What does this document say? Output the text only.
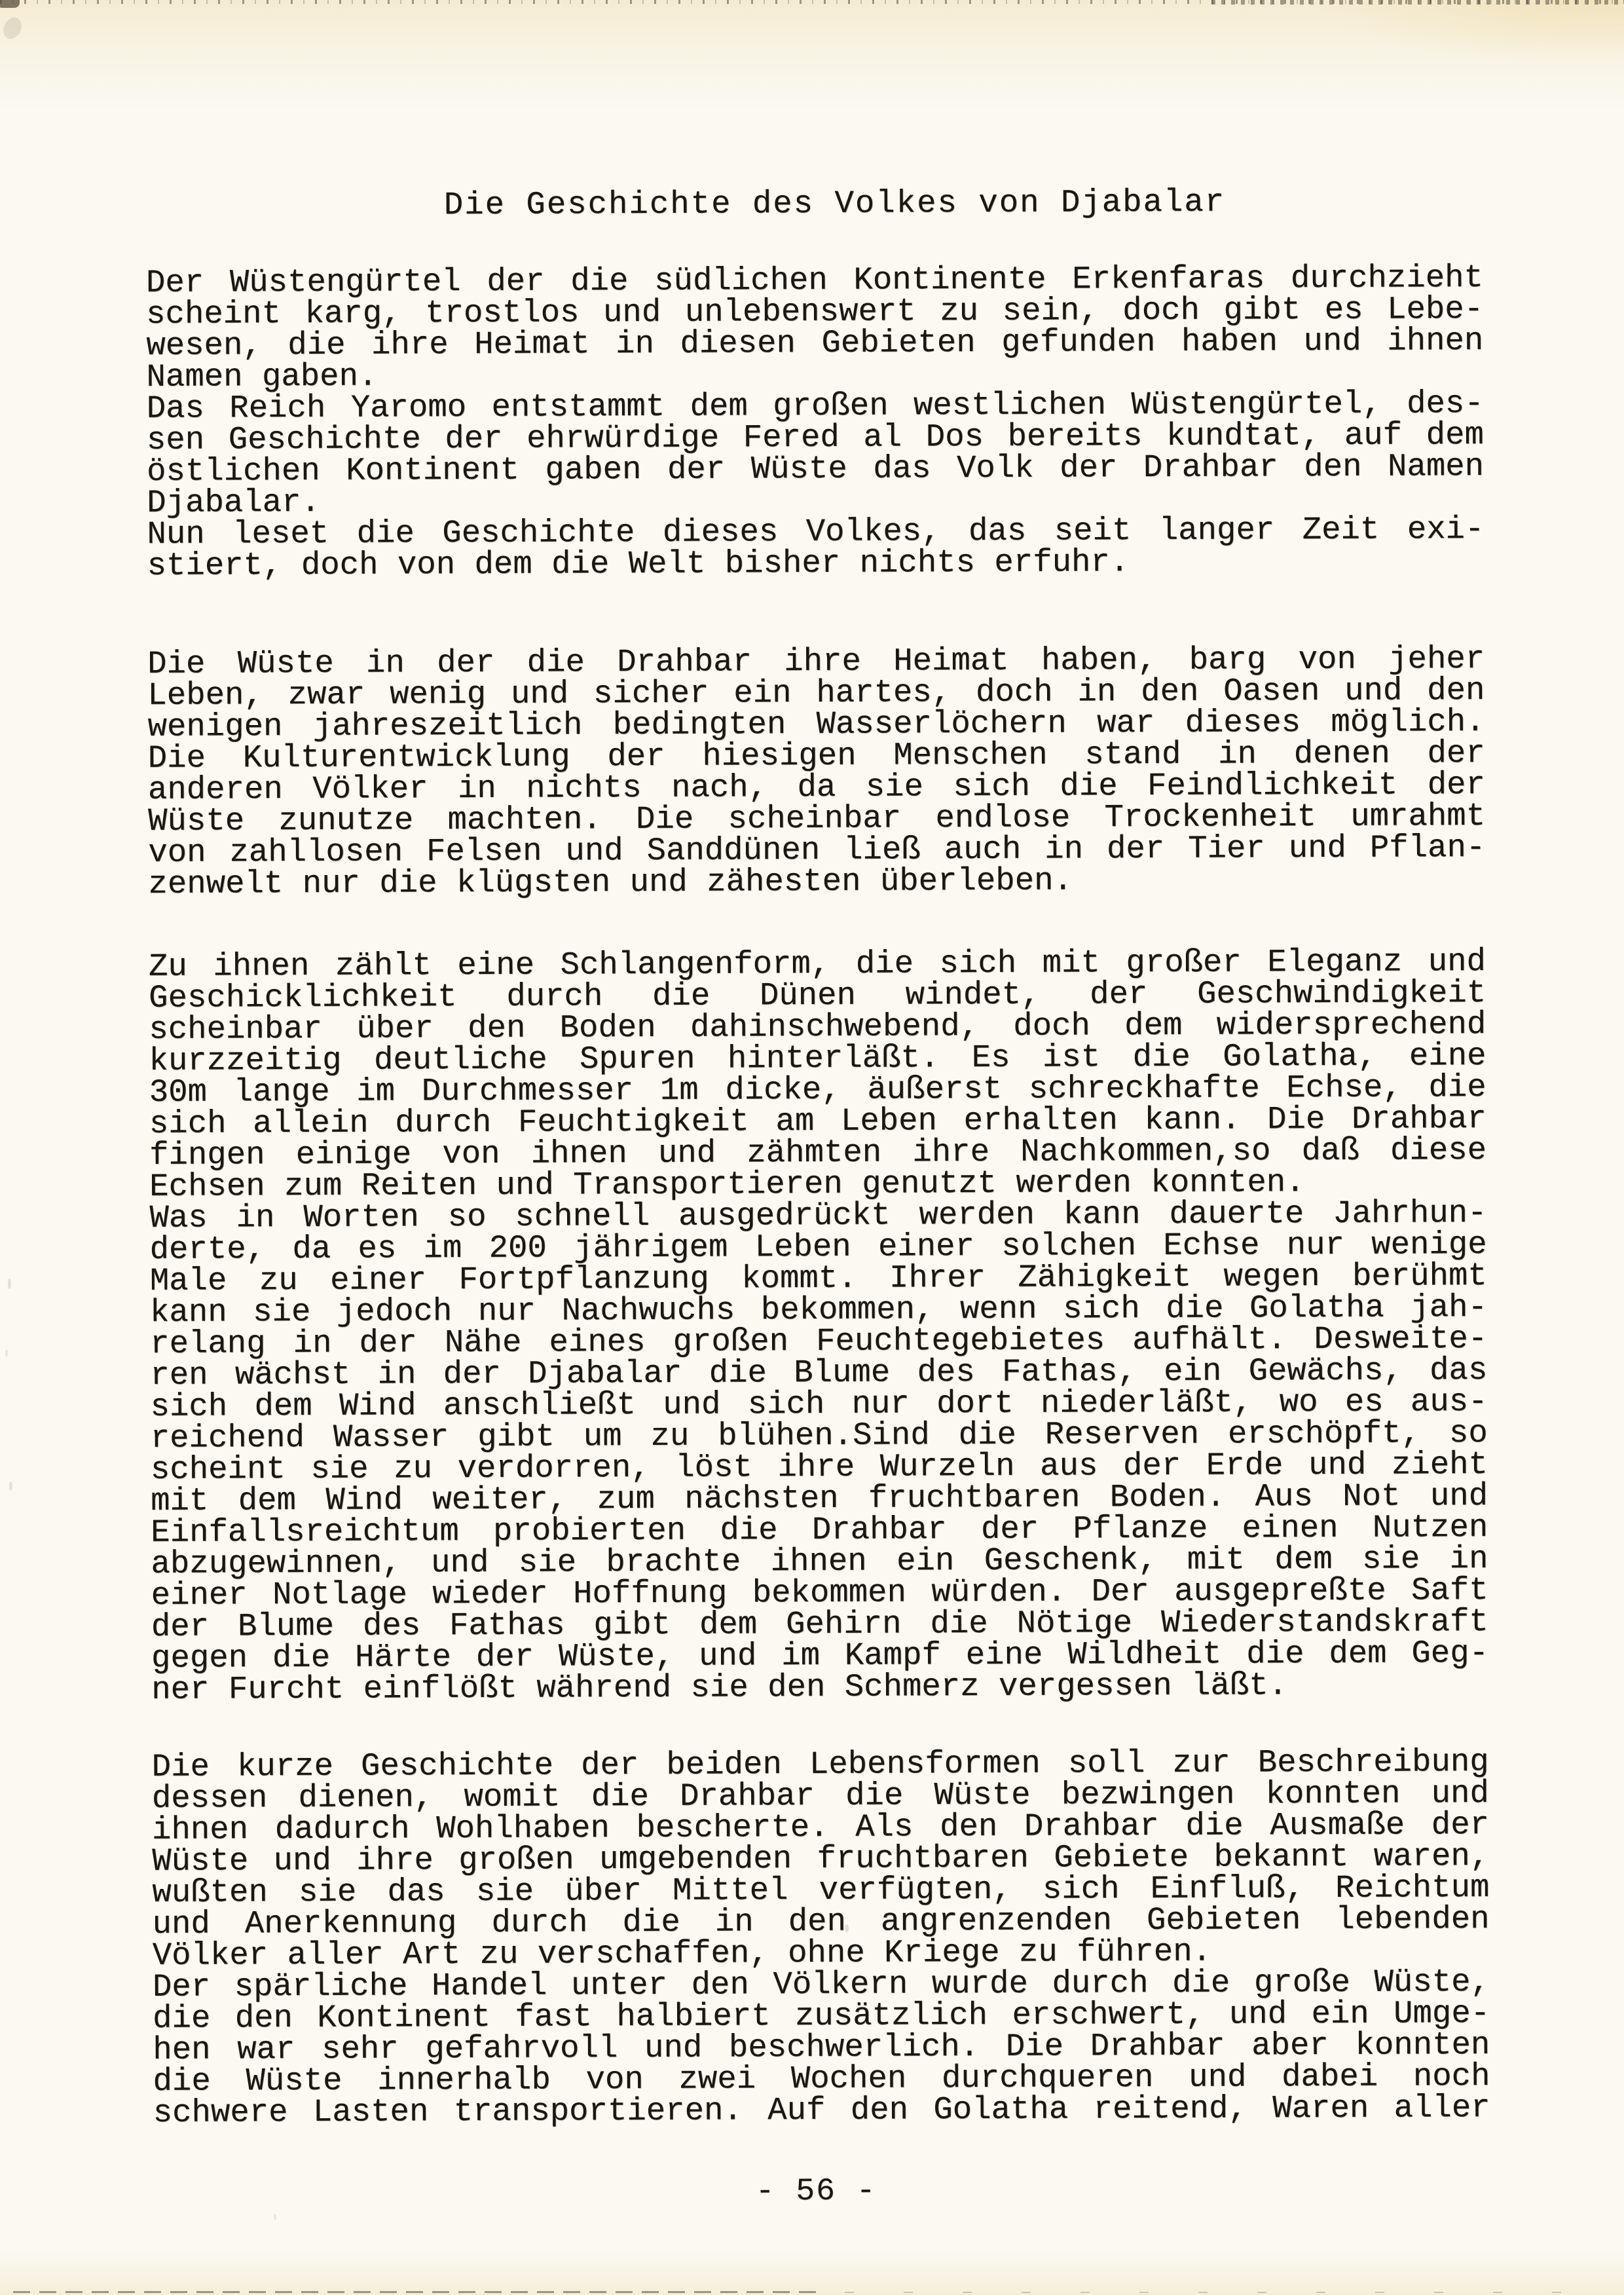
Die Geschichte des Volkes von Djabalar
Der Wüstengürtel der die südlichen Kontinente Erkenfaras durchzieht
scheint karg, trostlos und unlebenswert zu sein, doch gibt es Lebe-
wesen, die ihre Heimat in diesen Gebieten gefunden haben und ihnen
Namen gaben.
Das Reich Yaromo entstammt dem großen westlichen Wüstengürtel, des-
sen Geschichte der ehrwürdige Fered al Dos bereits kundtat, auf dem
östlichen Kontinent gaben der Wüste das Volk der Drahbar den Namen
Djabalar.
Nun leset die Geschichte dieses Volkes, das seit langer Zeit exi-
stiert, doch von dem die Welt bisher nichts erfuhr.
Die Wüste in der die Drahbar ihre Heimat haben, barg von jeher
Leben, zwar wenig und sicher ein hartes, doch in den Oasen und den
wenigen jahreszeitlich bedingten Wasserlöchern war dieses möglich.
Die Kulturentwicklung der hiesigen Menschen stand in denen der
anderen Völker in nichts nach, da sie sich die Feindlichkeit der
Wüste zunutze machten. Die scheinbar endlose Trockenheit umrahmt
von zahllosen Felsen und Sanddünen ließ auch in der Tier und Pflan-
zenwelt nur die klügsten und zähesten überleben.
Zu ihnen zählt eine Schlangenform, die sich mit großer Eleganz und
Geschicklichkeit durch die Dünen windet, der Geschwindigkeit
scheinbar über den Boden dahinschwebend, doch dem widersprechend
kurzzeitig deutliche Spuren hinterläßt. Es ist die Golatha, eine
30m lange im Durchmesser 1m dicke, äußerst schreckhafte Echse, die
sich allein durch Feuchtigkeit am Leben erhalten kann. Die Drahbar
fingen einige von ihnen und zähmten ihre Nachkommen,so daß diese
Echsen zum Reiten und Transportieren genutzt werden konnten.
Was in Worten so schnell ausgedrückt werden kann dauerte Jahrhun-
derte, da es im 200 jährigem Leben einer solchen Echse nur wenige
Male zu einer Fortpflanzung kommt. Ihrer Zähigkeit wegen berühmt
kann sie jedoch nur Nachwuchs bekommen, wenn sich die Golatha jah-
relang in der Nähe eines großen Feuchtegebietes aufhält. Desweite-
ren wächst in der Djabalar die Blume des Fathas, ein Gewächs, das
sich dem Wind anschließt und sich nur dort niederläßt, wo es aus-
reichend Wasser gibt um zu blühen.Sind die Reserven erschöpft, so
scheint sie zu verdorren, löst ihre Wurzeln aus der Erde und zieht
mit dem Wind weiter, zum nächsten fruchtbaren Boden. Aus Not und
Einfallsreichtum probierten die Drahbar der Pflanze einen Nutzen
abzugewinnen, und sie brachte ihnen ein Geschenk, mit dem sie in
einer Notlage wieder Hoffnung bekommen würden. Der ausgepreßte Saft
der Blume des Fathas gibt dem Gehirn die Nötige Wiederstandskraft
gegen die Härte der Wüste, und im Kampf eine Wildheit die dem Geg-
ner Furcht einflößt während sie den Schmerz vergessen läßt.
Die kurze Geschichte der beiden Lebensformen soll zur Beschreibung
dessen dienen, womit die Drahbar die Wüste bezwingen konnten und
ihnen dadurch Wohlhaben bescherte. Als den Drahbar die Ausmaße der
Wüste und ihre großen umgebenden fruchtbaren Gebiete bekannt waren,
wußten sie das sie über Mittel verfügten, sich Einfluß, Reichtum
und Anerkennung durch die in den angrenzenden Gebieten lebenden
Völker aller Art zu verschaffen, ohne Kriege zu führen.
Der spärliche Handel unter den Völkern wurde durch die große Wüste,
die den Kontinent fast halbiert zusätzlich erschwert, und ein Umge-
hen war sehr gefahrvoll und beschwerlich. Die Drahbar aber konnten
die Wüste innerhalb von zwei Wochen durchqueren und dabei noch
schwere Lasten transportieren. Auf den Golatha reitend, Waren aller
- 56 -
